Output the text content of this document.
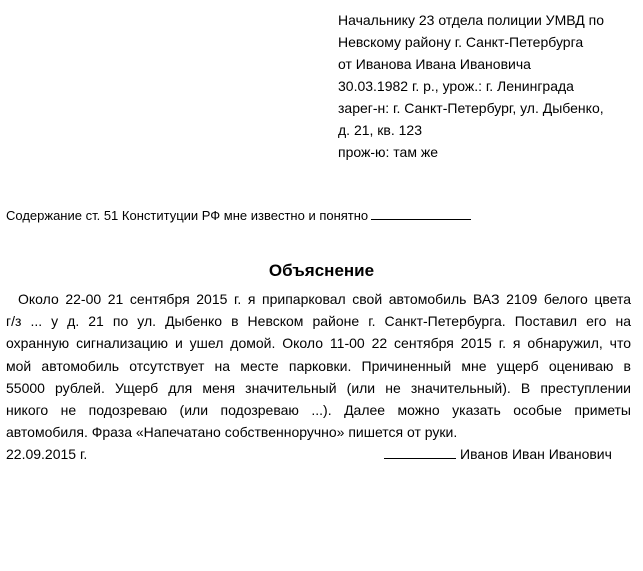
Начальнику 23 отдела полиции УМВД по
Невскому району г. Санкт-Петербурга
от Иванова Ивана Ивановича
30.03.1982 г. р., урож.: г. Ленинграда
зарег-н: г. Санкт-Петербург, ул. Дыбенко,
д. 21, кв. 123
прож-ю: там же
Содержание ст. 51 Конституции РФ мне известно и понятно
Объяснение
Около 22-00 21 сентября 2015 г. я припарковал свой автомобиль ВАЗ 2109 белого цвета
г/з ... у д. 21 по ул. Дыбенко в Невском районе г. Санкт-Петербурга. Поставил его на
охранную сигнализацию и ушел домой. Около 11-00 22 сентября 2015 г. я обнаружил, что
мой автомобиль отсутствует на месте парковки. Причиненный мне ущерб оцениваю в
55000 рублей. Ущерб для меня значительный (или не значительный). В преступлении
никого не подозреваю (или подозреваю ...). Далее можно указать особые приметы
автомобиля. Фраза «Напечатано собственноручно» пишется от руки.
22.09.2015 г.	Иванов Иван Иванович
